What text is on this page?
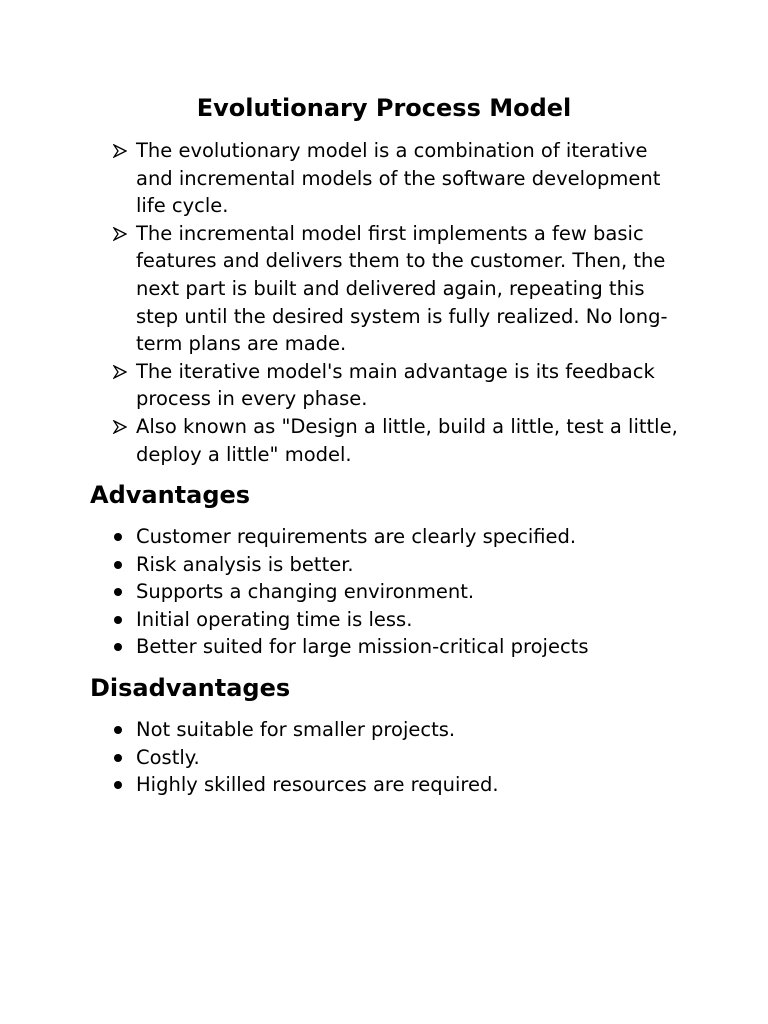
Evolutionary Process Model
The evolutionary model is a combination of iterative and incremental models of the software development life cycle.
The incremental model first implements a few basic features and delivers them to the customer. Then, the next part is built and delivered again, repeating this step until the desired system is fully realized. No long-term plans are made.
The iterative model's main advantage is its feedback process in every phase.
Also known as "Design a little, build a little, test a little, deploy a little" model.
Advantages
Customer requirements are clearly specified.
Risk analysis is better.
Supports a changing environment.
Initial operating time is less.
Better suited for large mission-critical projects
Disadvantages
Not suitable for smaller projects.
Costly.
Highly skilled resources are required.
